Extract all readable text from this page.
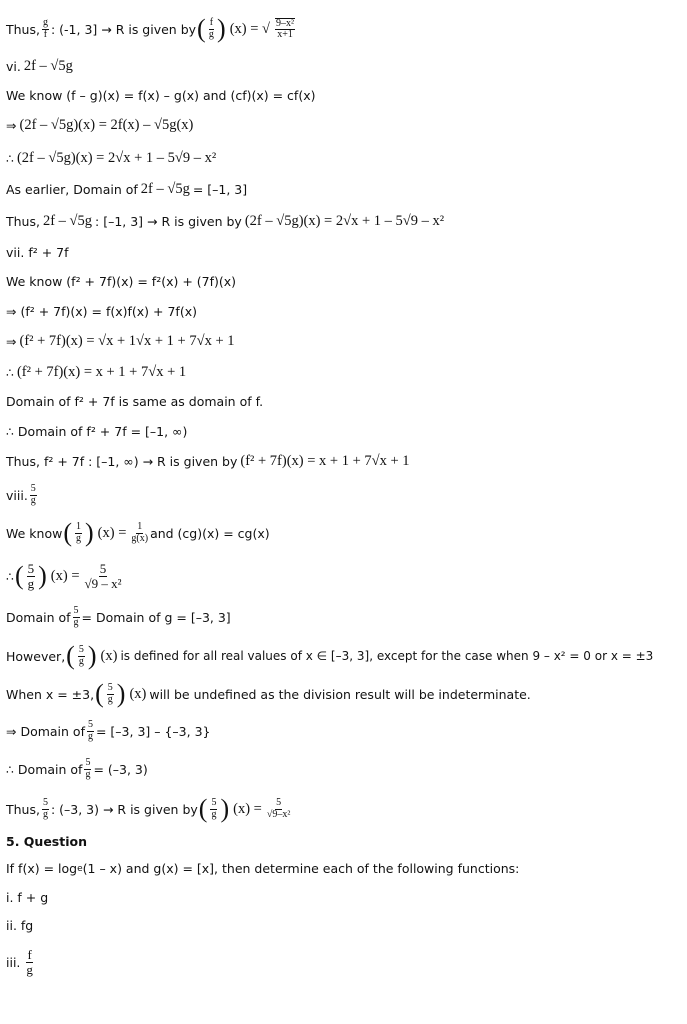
Thus, $\frac{g}{f}$ : (-1, 3] → R is given by ( $\frac{f}{g}$ ) (x) = √ $\frac{\text{9–x²}}{x+1}$
vi. 2f – √5g
We know (f – g)(x) = f(x) – g(x) and (cf)(x) = cf(x)
⇒ (2f – √5g)(x) = 2f(x) – √5g(x)
∴ (2f – √5g)(x) = 2√x + 1 – 5√9 – x²
As earlier, Domain of 2f – √5g = [–1, 3]
Thus, 2f – √5g : [–1, 3] → R is given by (2f – √5g)(x) = 2√x + 1 – 5√9 – x²
vii.
f² + 7f
We know (f² + 7f)(x) = f²(x) + (7f)(x)
⇒ (f² + 7f)(x) = f(x)f(x) + 7f(x)
⇒ (f² + 7f)(x) = √x + 1√x + 1 + 7√x + 1
∴ (f² + 7f)(x) = x + 1 + 7√x + 1
Domain of f² + 7f is same as domain of f.
∴ Domain of f² + 7f = [–1, ∞)
Thus, f² + 7f : [–1, ∞) → R is given by (f² + 7f)(x) = x + 1 + 7√x + 1
viii. $\frac{5}{g}$
We know ( $\frac{1}{g}$ ) $(x) = \frac{1}{g(x)}$ and (cg)(x) = cg(x)
∴ ( $\frac{5}{g}$ ) $(x) = \frac{5}{\text{√9 – x²}}$
Domain of $\frac{5}{g}$ = Domain of g = [–3, 3]
However, ( $\frac{5}{g}$ ) (x) is defined for all real values of x ∈ [–3, 3], except for the case when 9 – x² = 0 or x = ±3
When x = ±3, ( $\frac{5}{g}$ ) (x) will be undefined as the division result will be indeterminate.
⇒ Domain of $\frac{5}{g} = [-3$, 3] – {–3, 3}
∴ Domain of $\frac{5}{g} = (-3$, 3)
Thus, $\frac{5}{g}$ : (–3, 3) → R is given by ( $\frac{5}{g}$ ) $(x) = \frac{5}{\text{√9–x²}}$
5. Question
If f(x) = log e (1 – x) and g(x) = [x], then determine each of the following functions:
i. f + g
ii. fg
iii.
$\frac{f}{g}$
